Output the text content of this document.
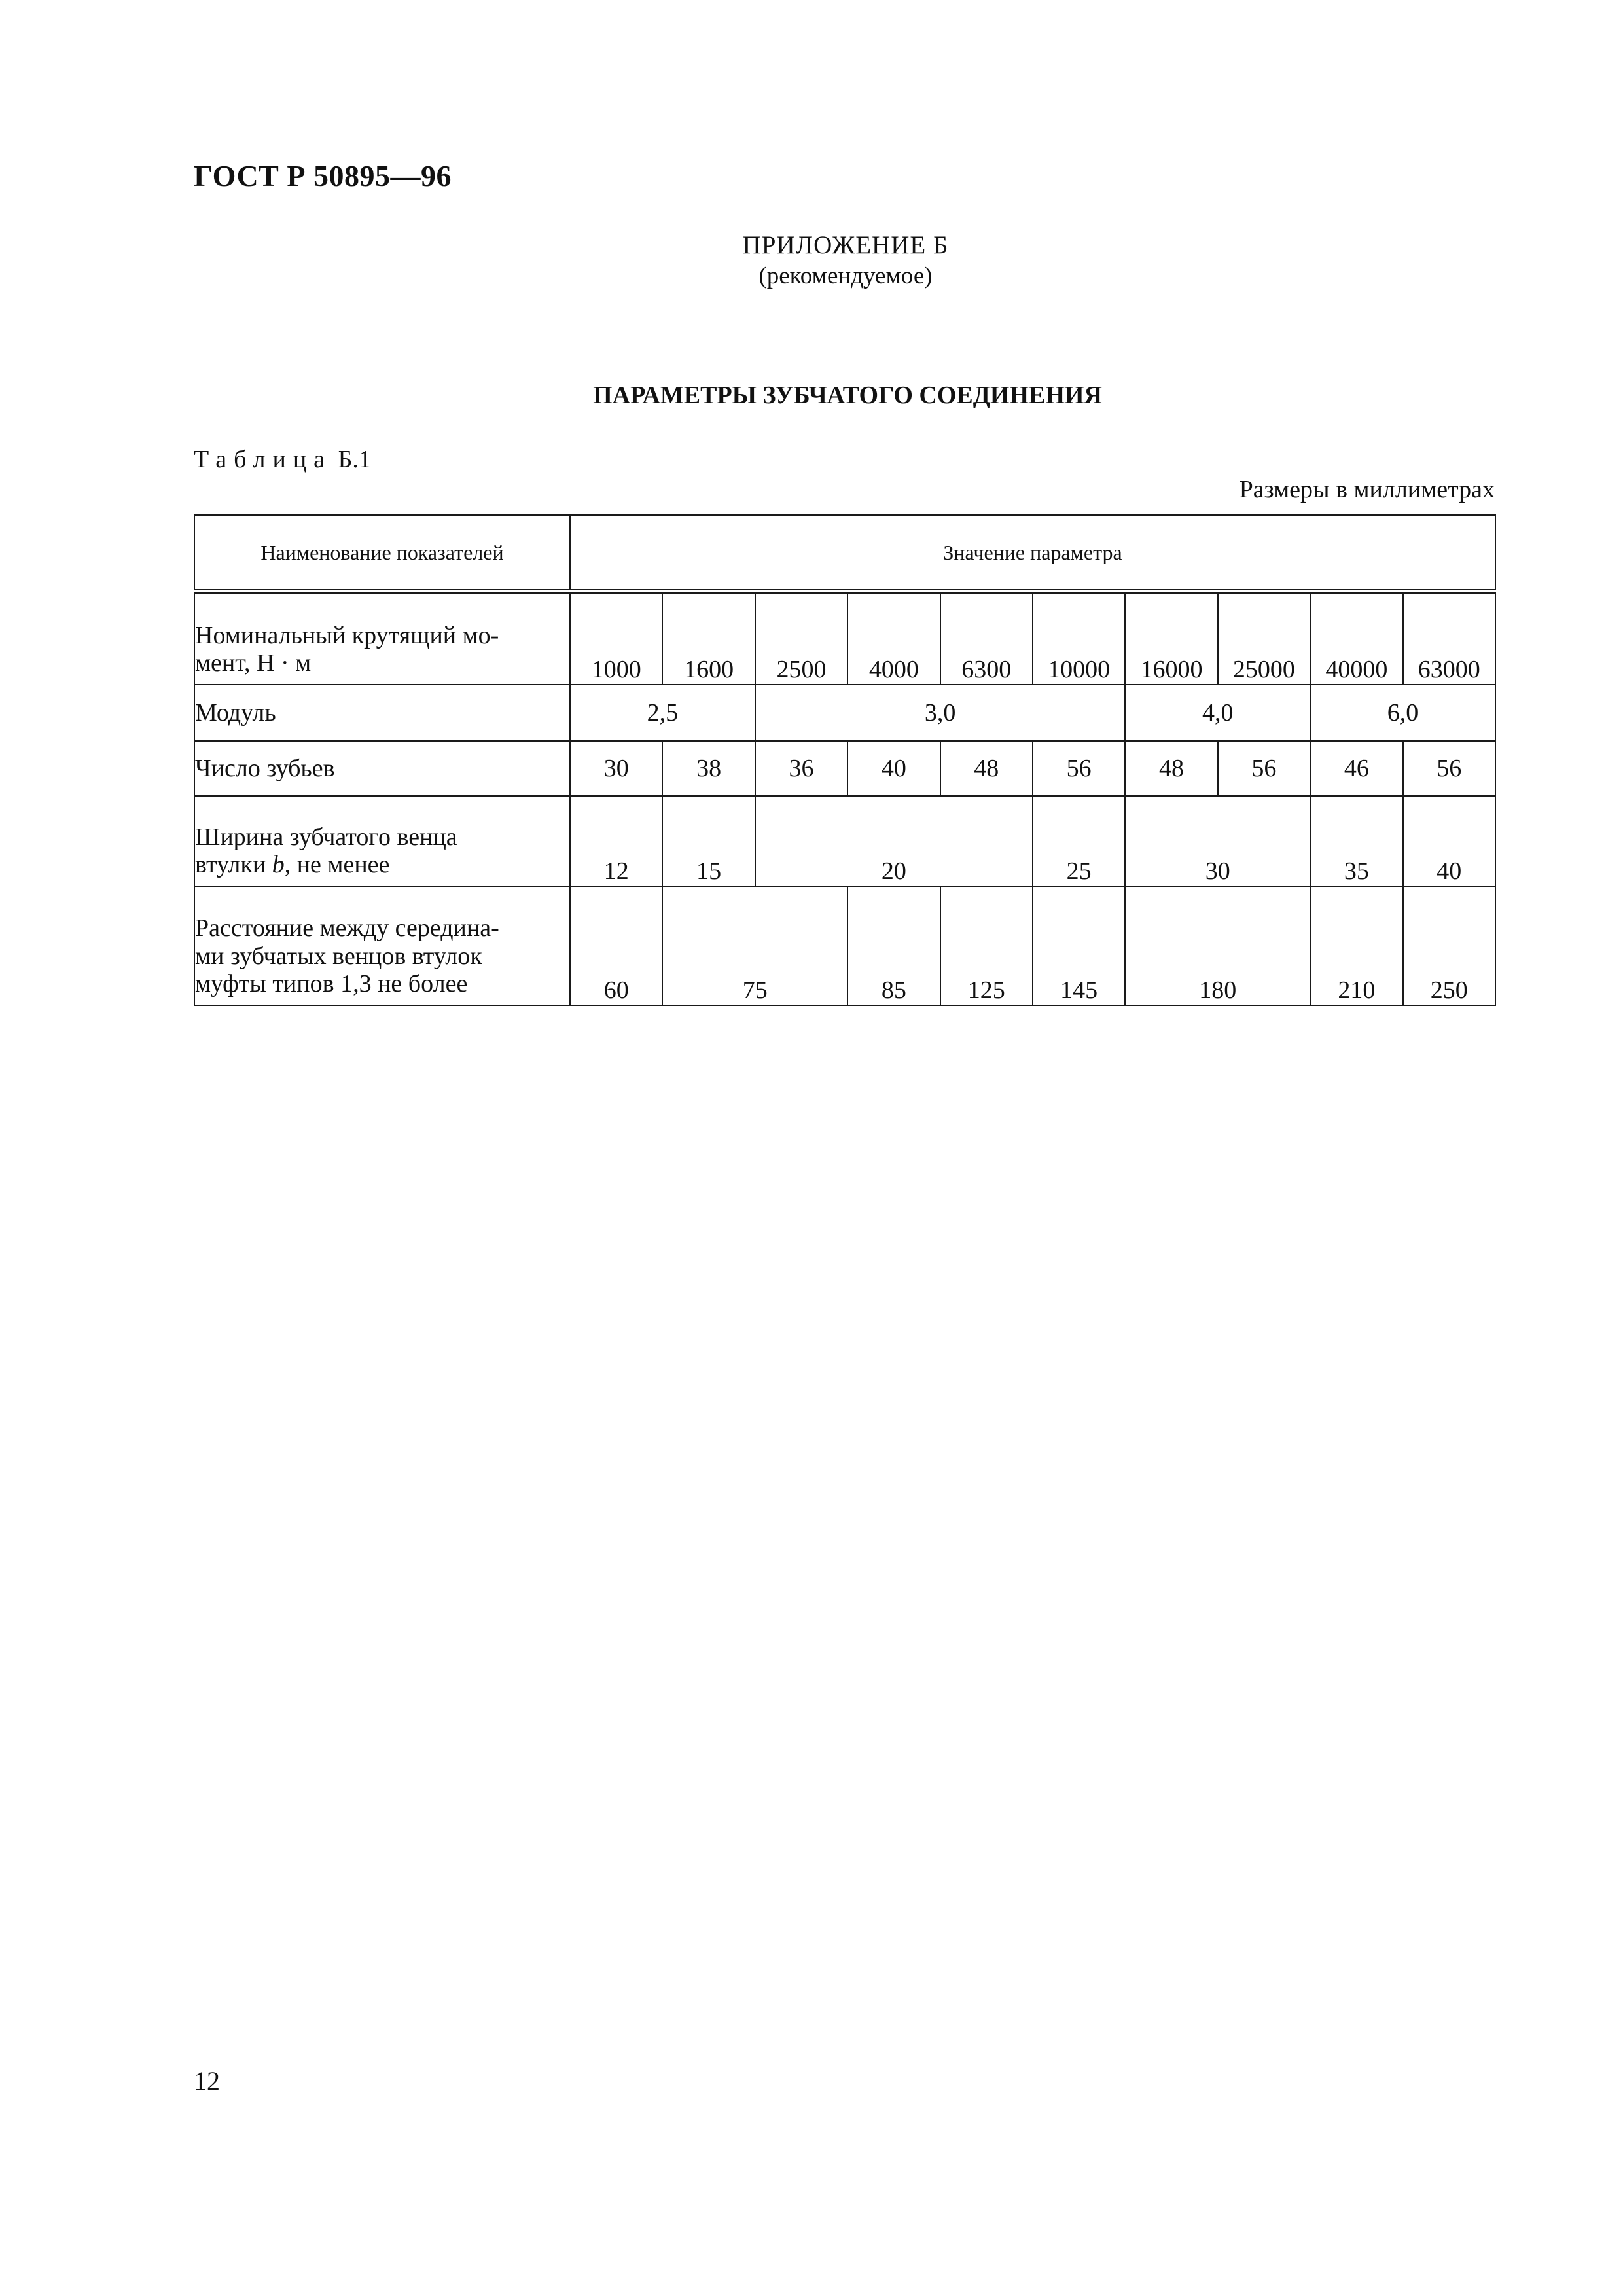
ГОСТ Р 50895—96
ПРИЛОЖЕНИЕ Б
(рекомендуемое)
ПАРАМЕТРЫ ЗУБЧАТОГО СОЕДИНЕНИЯ
Таблица Б.1
Размеры в миллиметрах
Наименование показателей	Значение параметра									
Номинальный крутящий мо-
мент, Н · м	1000	1600	2500	4000	6300	10000	16000	25000	40000	63000
Модуль	2,5		3,0				4,0		6,0	
Число зубьев	30	38	36	40	48	56	48	56	46	56
Ширина зубчатого венца
втулки b, не менее	12	15	20			25	30		35	40
Расстояние между середина-
ми зубчатых венцов втулок
муфты типов 1,3 не более	60	75		85	125	145	180		210	250
12
